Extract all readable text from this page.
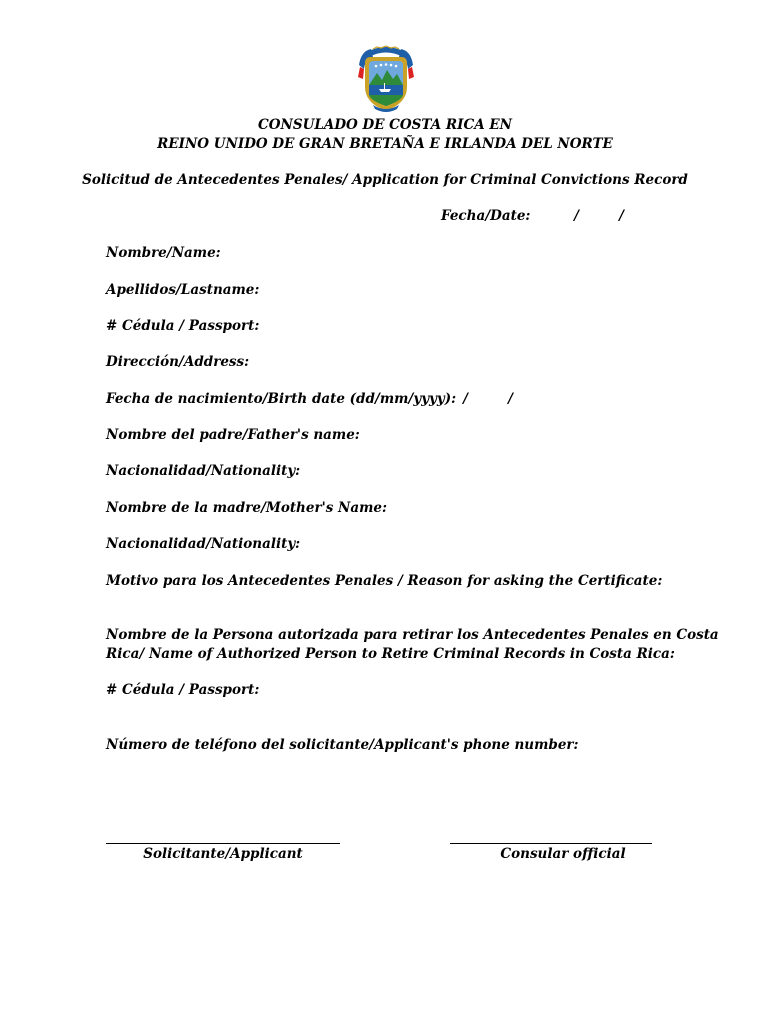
CONSULADO DE COSTA RICA EN
REINO UNIDO DE GRAN BRETAÑA E IRLANDA DEL NORTE
Solicitud de Antecedentes Penales/ Application for Criminal Convictions Record
Fecha/Date:	/	/
Nombre/Name:
Apellidos/Lastname:
# Cédula / Passport:
Dirección/Address:
Fecha de nacimiento/Birth date (dd/mm/yyyy): /	/
Nombre del padre/Father's name:
Nacionalidad/Nationality:
Nombre de la madre/Mother's Name:
Nacionalidad/Nationality:
Motivo para los Antecedentes Penales / Reason for asking the Certificate:
Nombre de la Persona autorizada para retirar los Antecedentes Penales en Costa
Rica/ Name of Authorized Person to Retire Criminal Records in Costa Rica:
# Cédula / Passport:
Número de teléfono del solicitante/Applicant's phone number:
Solicitante/Applicant	Consular official
